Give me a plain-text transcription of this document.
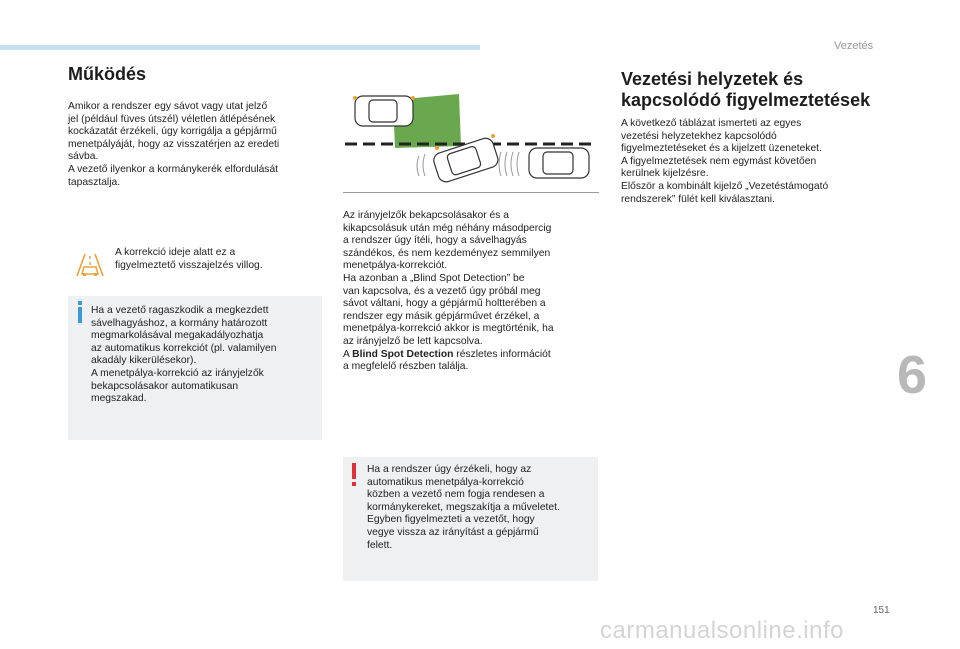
Vezetés
Működés

Amikor a rendszer egy sávot vagy utat jelző
jel (például füves útszél) véletlen átlépésének
kockázatát érzékeli, úgy korrigálja a gépjármű
menetpályáját, hogy az visszatérjen az eredeti
sávba.
A vezető ilyenkor a kormánykerék elfordulását
tapasztalja.

A korrekció ideje alatt ez a
figyelmeztető visszajelzés villog.

Ha a vezető ragaszkodik a megkezdett
sávelhagyáshoz, a kormány határozott
megmarkolásával megakadályozhatja
az automatikus korrekciót (pl. valamilyen
akadály kikerülésekor).
A menetpálya-korrekció az irányjelzők
bekapcsolásakor automatikusan
megszakad.

Az irányjelzők bekapcsolásakor és a
kikapcsolásuk után még néhány másodpercig
a rendszer úgy ítéli, hogy a sávelhagyás
szándékos, és nem kezdeményez semmilyen
menetpálya-korrekciót.
Ha azonban a „Blind Spot Detection” be
van kapcsolva, és a vezető úgy próbál meg
sávot váltani, hogy a gépjármű holtterében a
rendszer egy másik gépjárművet érzékel, a
menetpálya-korrekció akkor is megtörténik, ha
az irányjelző be lett kapcsolva.
A Blind Spot Detection részletes információt
a megfelelő részben találja.

Ha a rendszer úgy érzékeli, hogy az
automatikus menetpálya-korrekció
közben a vezető nem fogja rendesen a
kormánykereket, megszakítja a műveletet.
Egyben figyelmezteti a vezetőt, hogy
vegye vissza az irányítást a gépjármű
felett.

Vezetési helyzetek és
kapcsolódó figyelmeztetések

A következő táblázat ismerteti az egyes
vezetési helyzetekhez kapcsolódó
figyelmeztetéseket és a kijelzett üzeneteket.
A figyelmeztetések nem egymást követően
kerülnek kijelzésre.
Először a kombinált kijelző „Vezetéstámogató
rendszerek” fülét kell kiválasztani.

6
151
carmanualsonline.info
